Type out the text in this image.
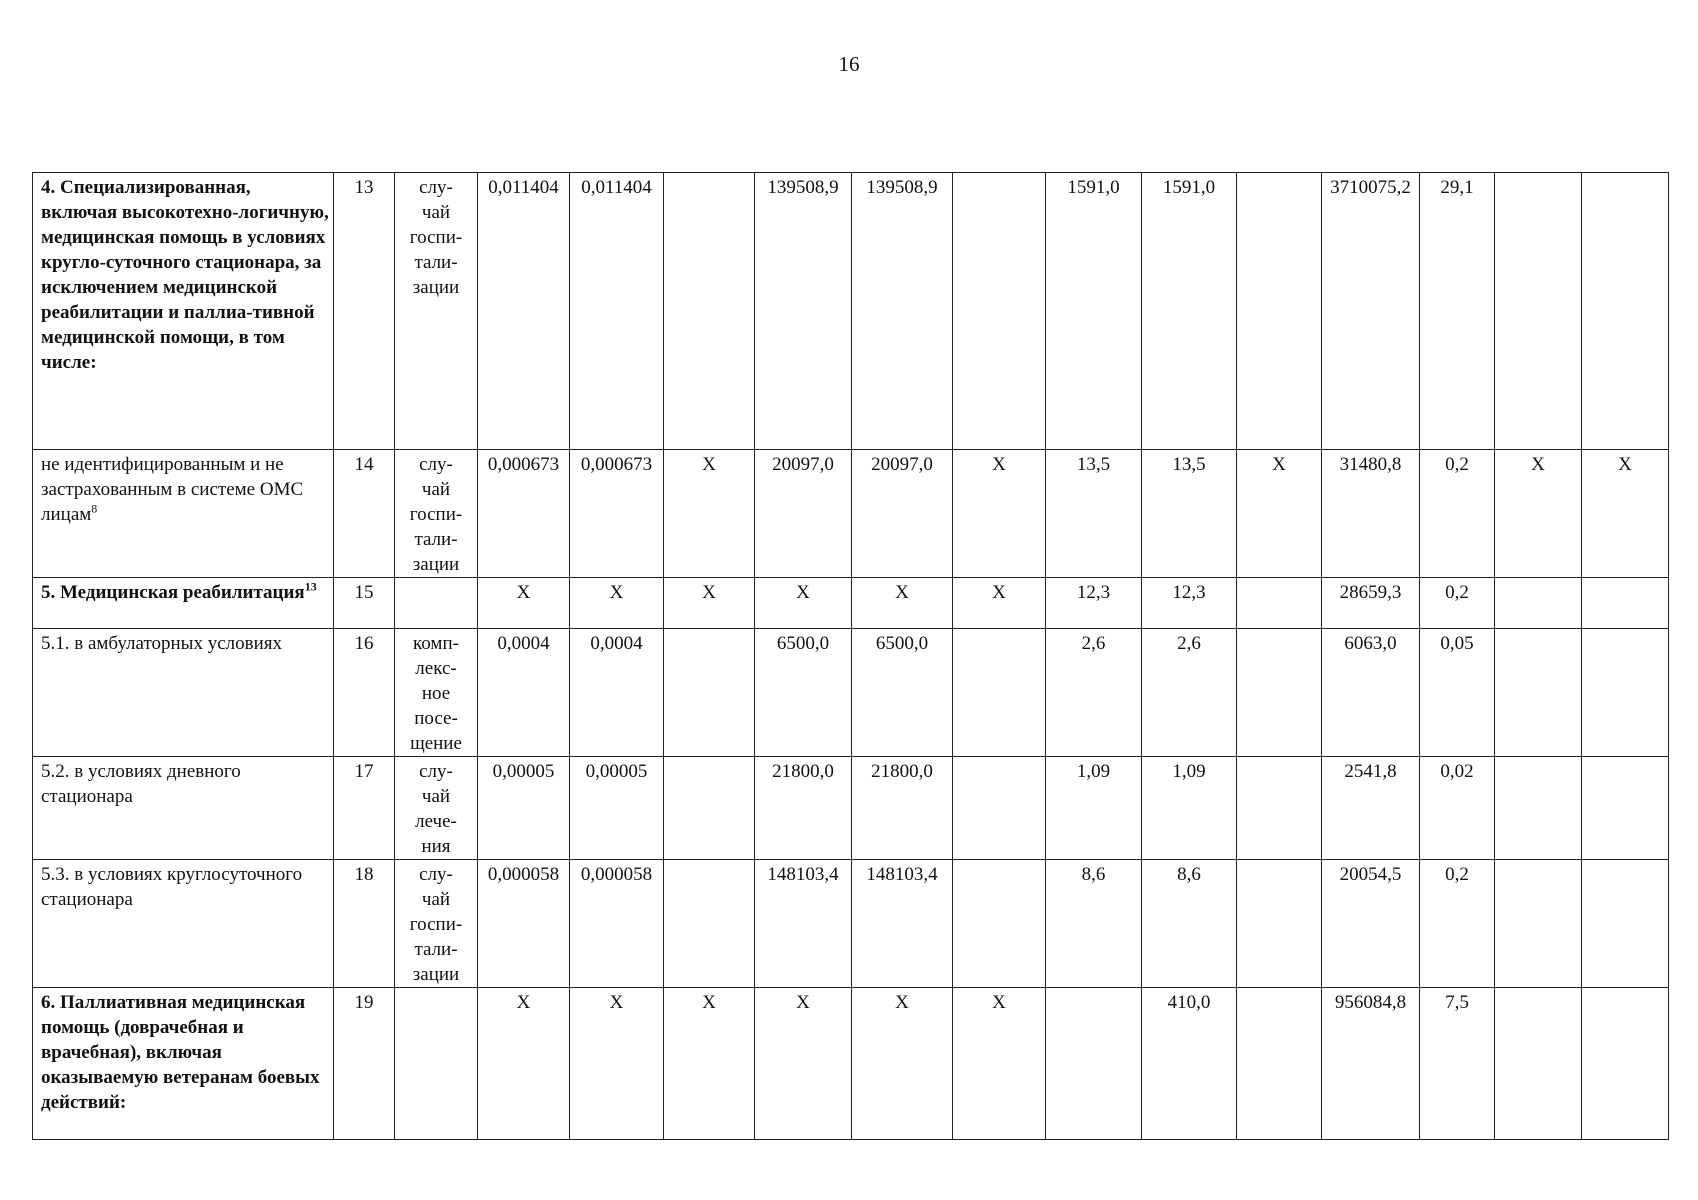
16
4. Специализированная, включая высокотехно-логичную, медицинская помощь в условиях кругло-суточного стационара, за исключением медицинской реабилитации и паллиа-тивной медицинской помощи, в том числе:	13	слу-
чай
госпи-
тали-
зации	0,011404	0,011404		139508,9	139508,9		1591,0	1591,0		3710075,2	29,1		
не идентифицированным и не застрахованным в системе ОМС лицам$^8$	14	слу-
чай
госпи-
тали-
зации	0,000673	0,000673	Х	20097,0	20097,0	Х	13,5	13,5	Х	31480,8	0,2	Х	Х
5. Медицинская реабилитация$^{13}$	15		Х	Х	Х	Х	Х	Х	12,3	12,3		28659,3	0,2		
5.1. в амбулаторных условиях	16	комп-
лекс-
ное
посе-
щение	0,0004	0,0004		6500,0	6500,0		2,6	2,6		6063,0	0,05		
5.2. в условиях дневного стационара	17	слу-
чай
лече-
ния	0,00005	0,00005		21800,0	21800,0		1,09	1,09		2541,8	0,02		
5.3. в условиях круглосуточного стационара	18	слу-
чай
госпи-
тали-
зации	0,000058	0,000058		148103,4	148103,4		8,6	8,6		20054,5	0,2		
6. Паллиативная медицинская помощь (доврачебная и врачебная), включая оказываемую ветеранам боевых действий:	19		Х	Х	Х	Х	Х	Х		410,0		956084,8	7,5		
